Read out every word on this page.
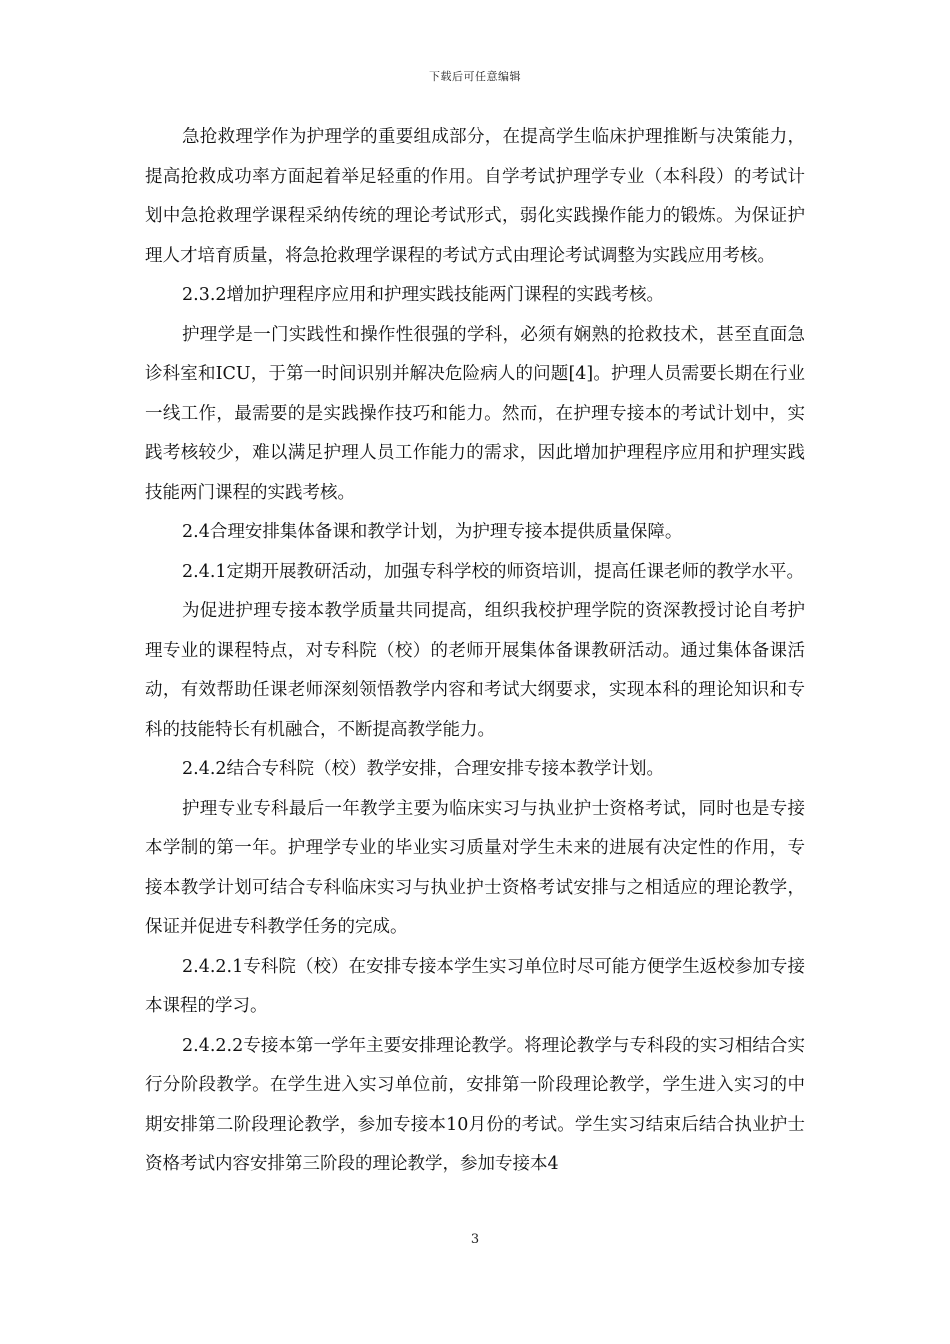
下载后可任意编辑

急抢救理学作为护理学的重要组成部分，在提高学生临床护理推断与决策能力，提高抢救成功率方面起着举足轻重的作用。自学考试护理学专业（本科段）的考试计划中急抢救理学课程采纳传统的理论考试形式，弱化实践操作能力的锻炼。为保证护理人才培育质量，将急抢救理学课程的考试方式由理论考试调整为实践应用考核。

2.3.2增加护理程序应用和护理实践技能两门课程的实践考核。

护理学是一门实践性和操作性很强的学科，必须有娴熟的抢救技术，甚至直面急诊科室和ICU，于第一时间识别并解决危险病人的问题[4]。护理人员需要长期在行业一线工作，最需要的是实践操作技巧和能力。然而，在护理专接本的考试计划中，实践考核较少，难以满足护理人员工作能力的需求，因此增加护理程序应用和护理实践技能两门课程的实践考核。

2.4合理安排集体备课和教学计划，为护理专接本提供质量保障。

2.4.1定期开展教研活动，加强专科学校的师资培训，提高任课老师的教学水平。

为促进护理专接本教学质量共同提高，组织我校护理学院的资深教授讨论自考护理专业的课程特点，对专科院（校）的老师开展集体备课教研活动。通过集体备课活动，有效帮助任课老师深刻领悟教学内容和考试大纲要求，实现本科的理论知识和专科的技能特长有机融合，不断提高教学能力。

2.4.2结合专科院（校）教学安排，合理安排专接本教学计划。

护理专业专科最后一年教学主要为临床实习与执业护士资格考试，同时也是专接本学制的第一年。护理学专业的毕业实习质量对学生未来的进展有决定性的作用，专接本教学计划可结合专科临床实习与执业护士资格考试安排与之相适应的理论教学，保证并促进专科教学任务的完成。

2.4.2.1专科院（校）在安排专接本学生实习单位时尽可能方便学生返校参加专接本课程的学习。

2.4.2.2专接本第一学年主要安排理论教学。将理论教学与专科段的实习相结合实行分阶段教学。在学生进入实习单位前，安排第一阶段理论教学，学生进入实习的中期安排第二阶段理论教学，参加专接本10月份的考试。学生实习结束后结合执业护士资格考试内容安排第三阶段的理论教学，参加专接本4

3
